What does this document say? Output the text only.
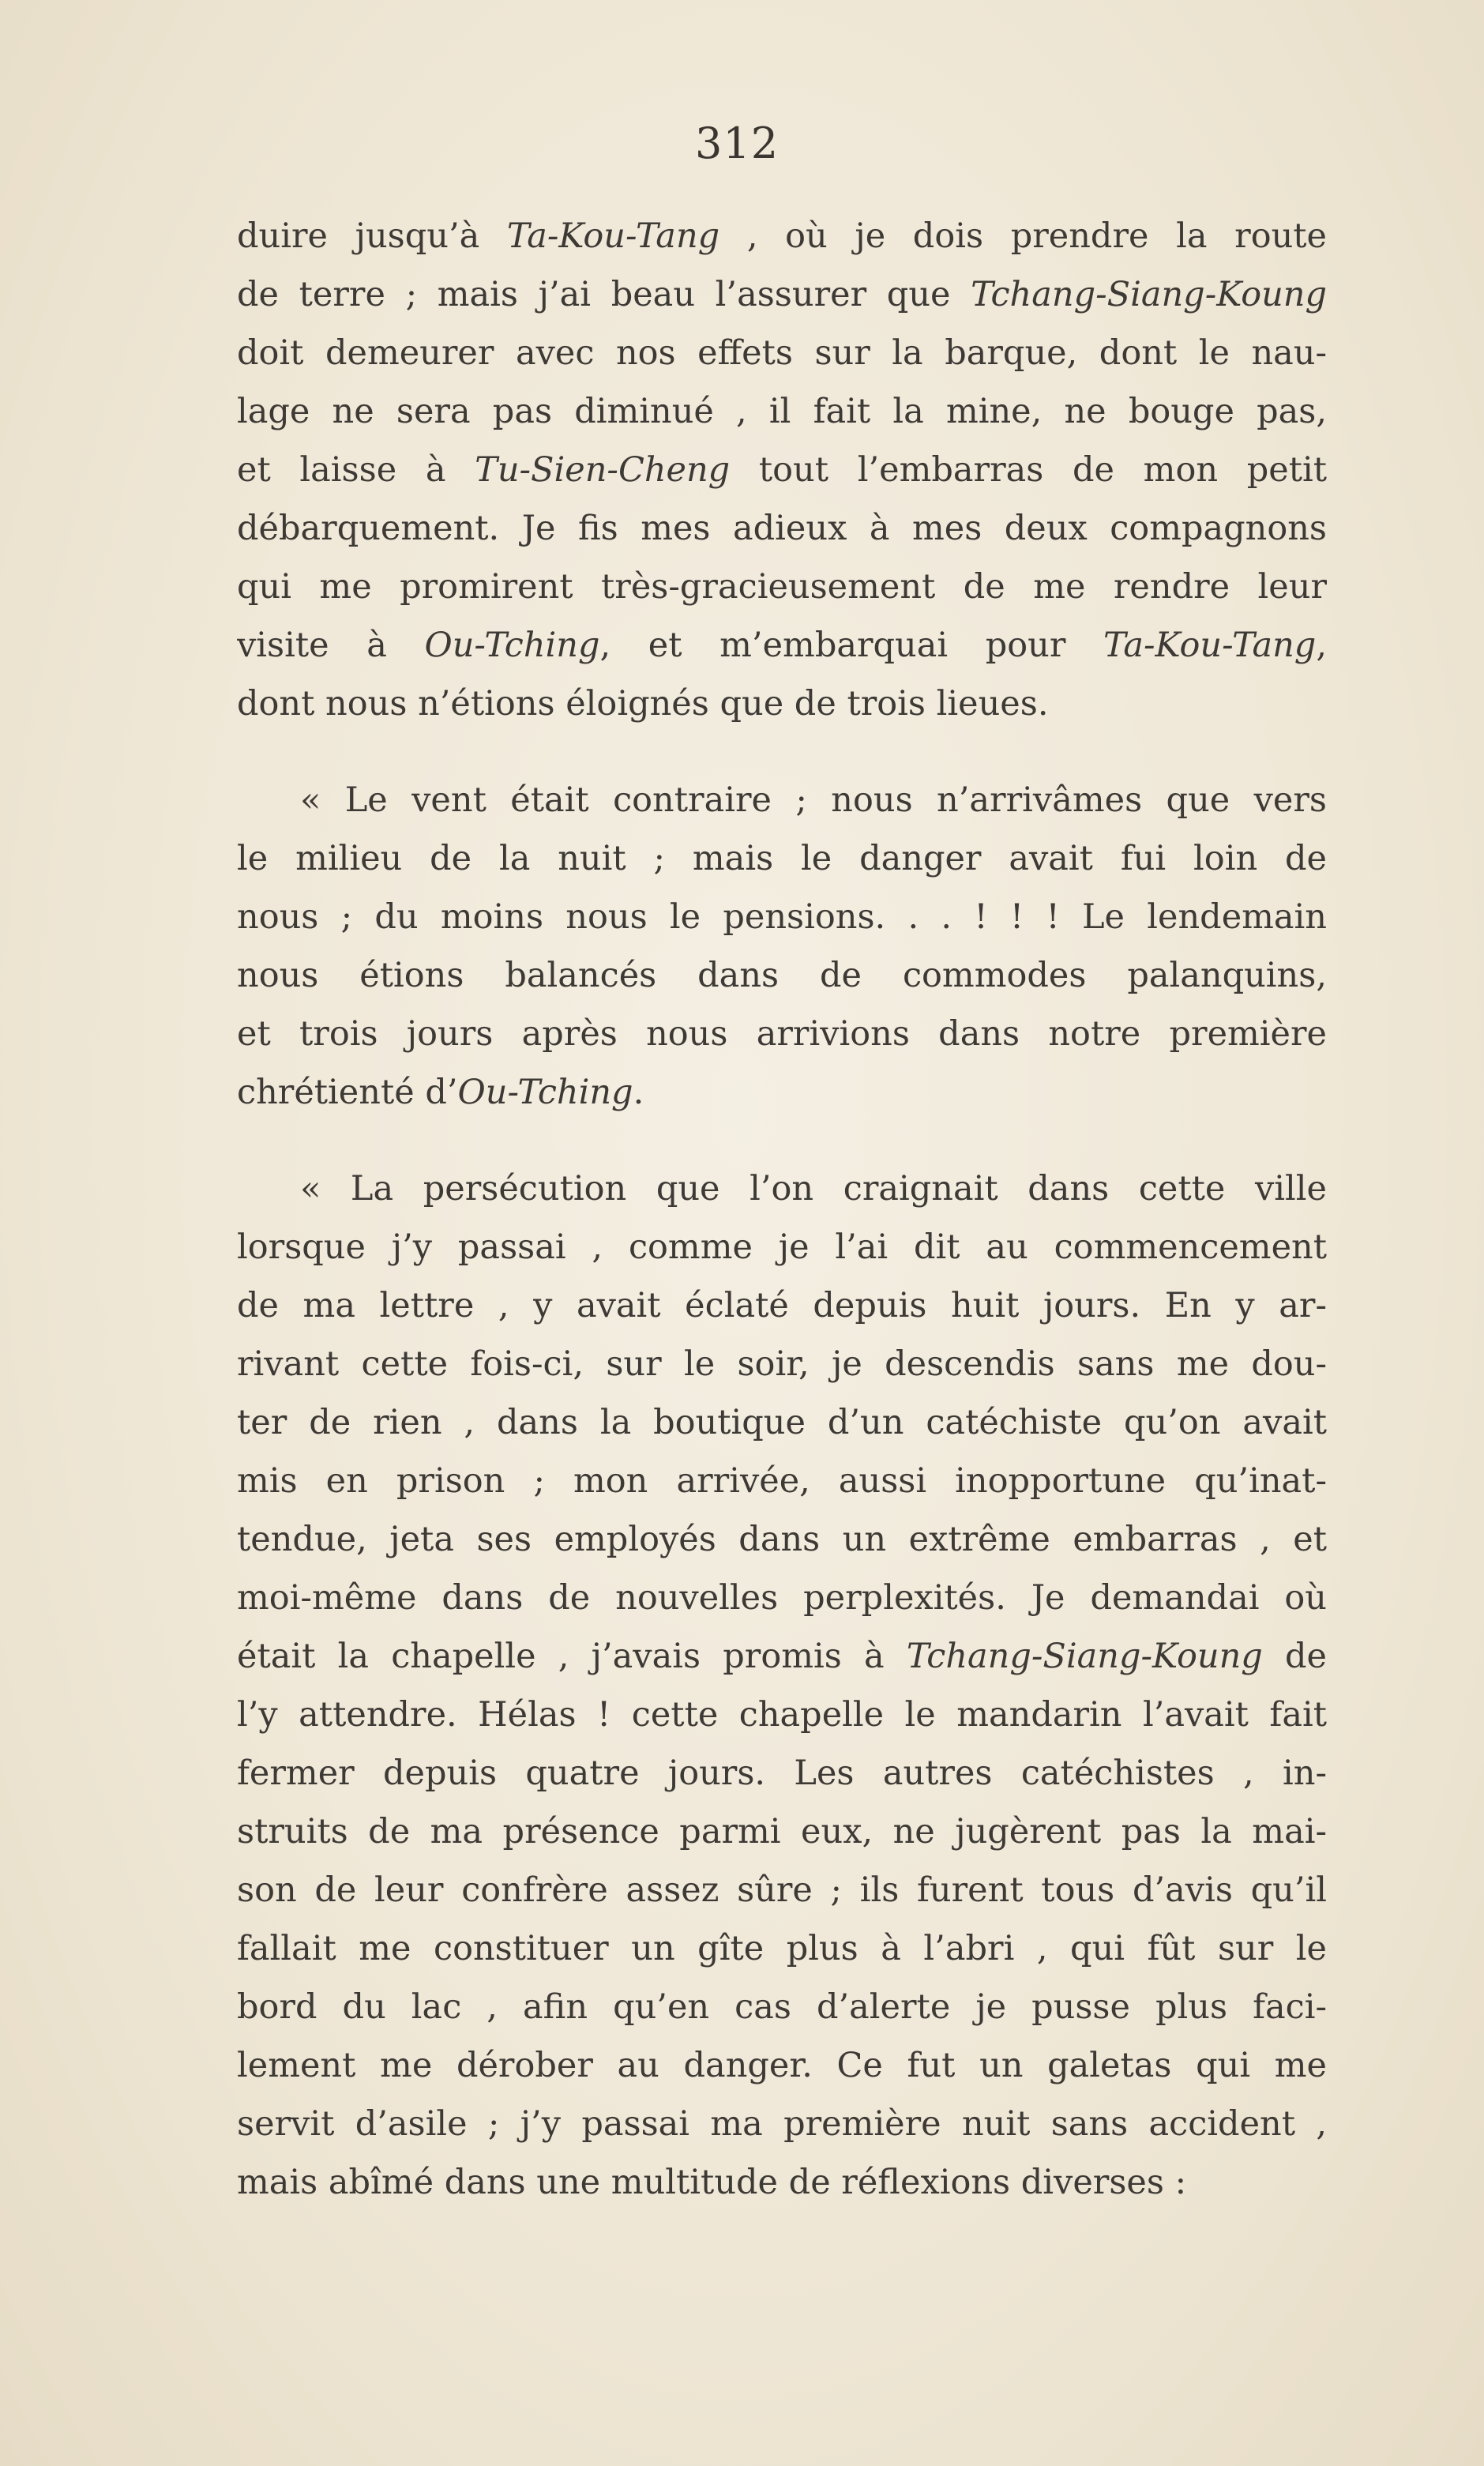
312
duire jusqu’à Ta-Kou-Tang , où je dois prendre la route
de terre ; mais j’ai beau l’assurer que Tchang-Siang-Koung
doit demeurer avec nos effets sur la barque, dont le nau-
lage ne sera pas diminué , il fait la mine, ne bouge pas,
et laisse à Tu-Sien-Cheng tout l’embarras de mon petit
débarquement. Je fis mes adieux à mes deux compagnons
qui me promirent très-gracieusement de me rendre leur
visite à Ou-Tching, et m’embarquai pour Ta-Kou-Tang,
dont nous n’étions éloignés que de trois lieues.
« Le vent était contraire ; nous n’arrivâmes que vers
le milieu de la nuit ; mais le danger avait fui loin de
nous ; du moins nous le pensions. . . ! ! ! Le lendemain
nous étions balancés dans de commodes palanquins,
et trois jours après nous arrivions dans notre première
chrétienté d’Ou-Tching.
« La persécution que l’on craignait dans cette ville
lorsque j’y passai , comme je l’ai dit au commencement
de ma lettre , y avait éclaté depuis huit jours. En y ar-
rivant cette fois-ci, sur le soir, je descendis sans me dou-
ter de rien , dans la boutique d’un catéchiste qu’on avait
mis en prison ; mon arrivée, aussi inopportune qu’inat-
tendue, jeta ses employés dans un extrême embarras , et
moi-même dans de nouvelles perplexités. Je demandai où
était la chapelle , j’avais promis à Tchang-Siang-Koung de
l’y attendre. Hélas ! cette chapelle le mandarin l’avait fait
fermer depuis quatre jours. Les autres catéchistes , in-
struits de ma présence parmi eux, ne jugèrent pas la mai-
son de leur confrère assez sûre ; ils furent tous d’avis qu’il
fallait me constituer un gîte plus à l’abri , qui fût sur le
bord du lac , afin qu’en cas d’alerte je pusse plus faci-
lement me dérober au danger. Ce fut un galetas qui me
servit d’asile ; j’y passai ma première nuit sans accident ,
mais abîmé dans une multitude de réflexions diverses :
